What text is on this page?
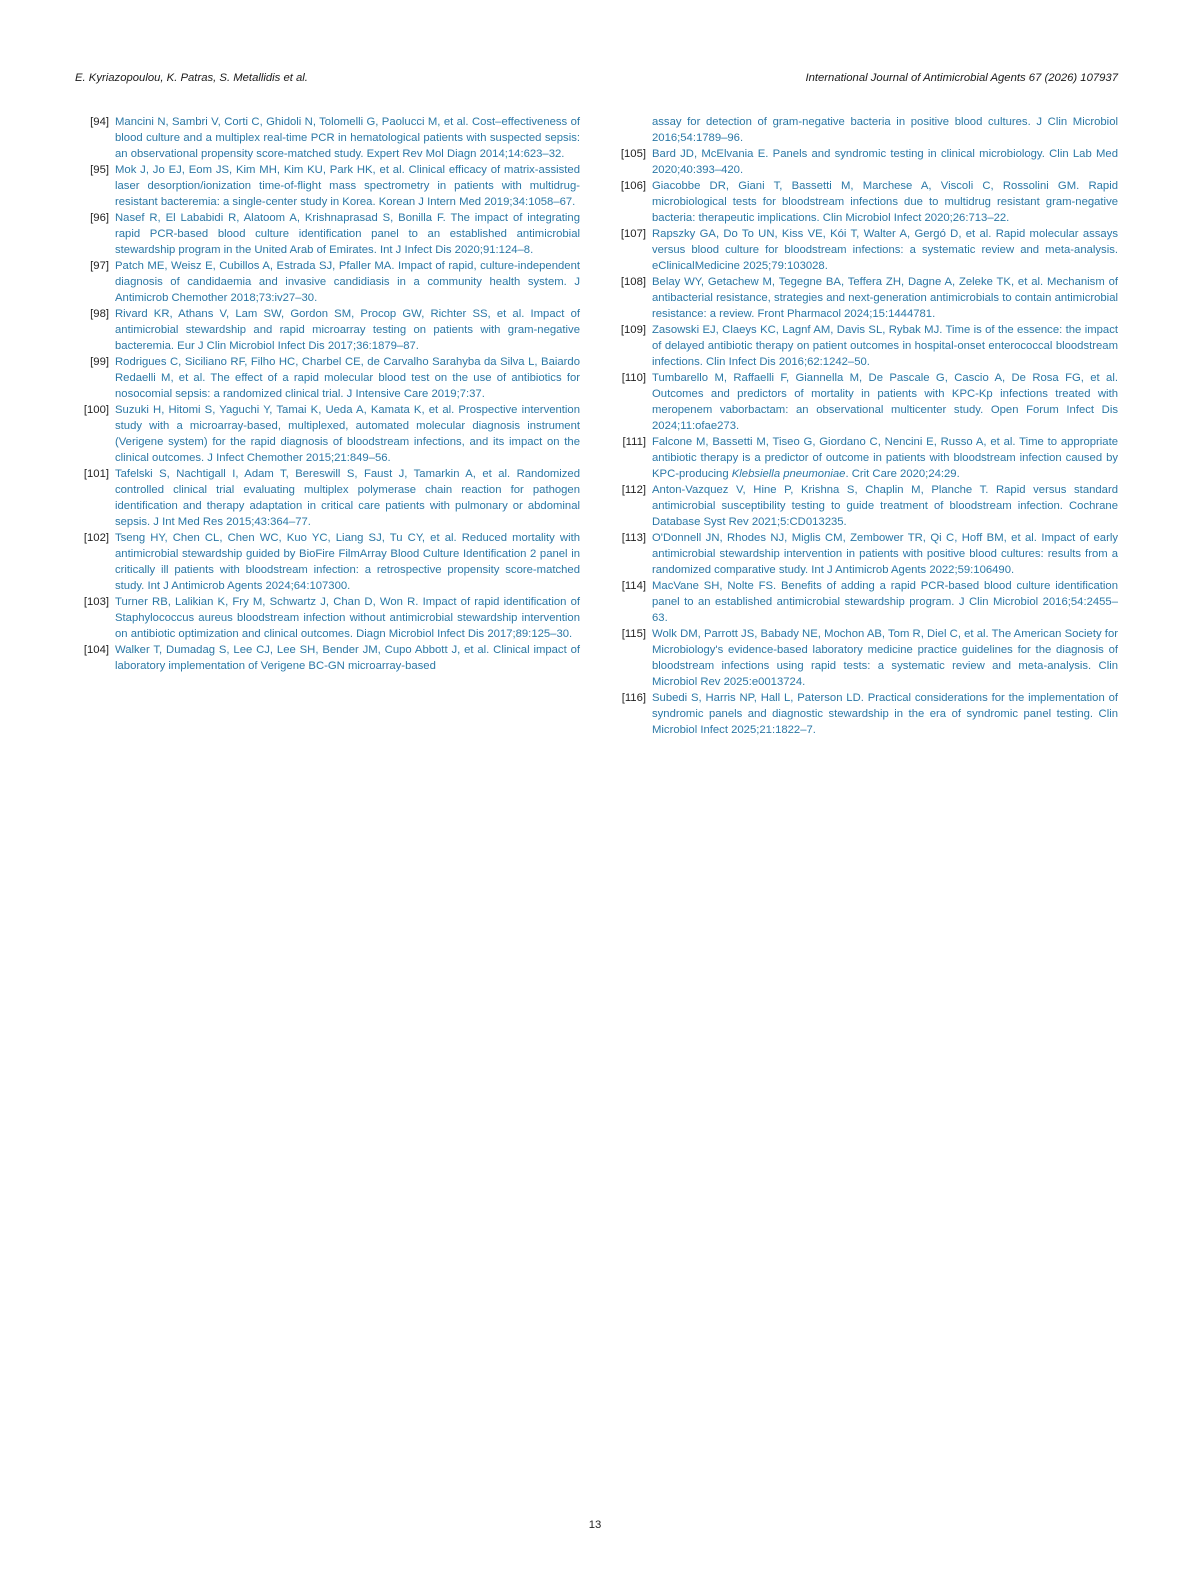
E. Kyriazopoulou, K. Patras, S. Metallidis et al.	International Journal of Antimicrobial Agents 67 (2026) 107937
[94] Mancini N, Sambri V, Corti C, Ghidoli N, Tolomelli G, Paolucci M, et al. Cost–effectiveness of blood culture and a multiplex real-time PCR in hematological patients with suspected sepsis: an observational propensity score-matched study. Expert Rev Mol Diagn 2014;14:623–32.
[95] Mok J, Jo EJ, Eom JS, Kim MH, Kim KU, Park HK, et al. Clinical efficacy of matrix-assisted laser desorption/ionization time-of-flight mass spectrometry in patients with multidrug-resistant bacteremia: a single-center study in Korea. Korean J Intern Med 2019;34:1058–67.
[96] Nasef R, El Lababidi R, Alatoom A, Krishnaprasad S, Bonilla F. The impact of integrating rapid PCR-based blood culture identification panel to an established antimicrobial stewardship program in the United Arab of Emirates. Int J Infect Dis 2020;91:124–8.
[97] Patch ME, Weisz E, Cubillos A, Estrada SJ, Pfaller MA. Impact of rapid, culture-independent diagnosis of candidaemia and invasive candidiasis in a community health system. J Antimicrob Chemother 2018;73:iv27–30.
[98] Rivard KR, Athans V, Lam SW, Gordon SM, Procop GW, Richter SS, et al. Impact of antimicrobial stewardship and rapid microarray testing on patients with gram-negative bacteremia. Eur J Clin Microbiol Infect Dis 2017;36:1879–87.
[99] Rodrigues C, Siciliano RF, Filho HC, Charbel CE, de Carvalho Sarahyba da Silva L, Baiardo Redaelli M, et al. The effect of a rapid molecular blood test on the use of antibiotics for nosocomial sepsis: a randomized clinical trial. J Intensive Care 2019;7:37.
[100] Suzuki H, Hitomi S, Yaguchi Y, Tamai K, Ueda A, Kamata K, et al. Prospective intervention study with a microarray-based, multiplexed, automated molecular diagnosis instrument (Verigene system) for the rapid diagnosis of bloodstream infections, and its impact on the clinical outcomes. J Infect Chemother 2015;21:849–56.
[101] Tafelski S, Nachtigall I, Adam T, Bereswill S, Faust J, Tamarkin A, et al. Randomized controlled clinical trial evaluating multiplex polymerase chain reaction for pathogen identification and therapy adaptation in critical care patients with pulmonary or abdominal sepsis. J Int Med Res 2015;43:364–77.
[102] Tseng HY, Chen CL, Chen WC, Kuo YC, Liang SJ, Tu CY, et al. Reduced mortality with antimicrobial stewardship guided by BioFire FilmArray Blood Culture Identification 2 panel in critically ill patients with bloodstream infection: a retrospective propensity score-matched study. Int J Antimicrob Agents 2024;64:107300.
[103] Turner RB, Lalikian K, Fry M, Schwartz J, Chan D, Won R. Impact of rapid identification of Staphylococcus aureus bloodstream infection without antimicrobial stewardship intervention on antibiotic optimization and clinical outcomes. Diagn Microbiol Infect Dis 2017;89:125–30.
[104] Walker T, Dumadag S, Lee CJ, Lee SH, Bender JM, Cupo Abbott J, et al. Clinical impact of laboratory implementation of Verigene BC-GN microarray-based
assay for detection of gram-negative bacteria in positive blood cultures. J Clin Microbiol 2016;54:1789–96.
[105] Bard JD, McElvania E. Panels and syndromic testing in clinical microbiology. Clin Lab Med 2020;40:393–420.
[106] Giacobbe DR, Giani T, Bassetti M, Marchese A, Viscoli C, Rossolini GM. Rapid microbiological tests for bloodstream infections due to multidrug resistant gram-negative bacteria: therapeutic implications. Clin Microbiol Infect 2020;26:713–22.
[107] Rapszky GA, Do To UN, Kiss VE, Kói T, Walter A, Gergó D, et al. Rapid molecular assays versus blood culture for bloodstream infections: a systematic review and meta-analysis. eClinicalMedicine 2025;79:103028.
[108] Belay WY, Getachew M, Tegegne BA, Teffera ZH, Dagne A, Zeleke TK, et al. Mechanism of antibacterial resistance, strategies and next-generation antimicrobials to contain antimicrobial resistance: a review. Front Pharmacol 2024;15:1444781.
[109] Zasowski EJ, Claeys KC, Lagnf AM, Davis SL, Rybak MJ. Time is of the essence: the impact of delayed antibiotic therapy on patient outcomes in hospital-onset enterococcal bloodstream infections. Clin Infect Dis 2016;62:1242–50.
[110] Tumbarello M, Raffaelli F, Giannella M, De Pascale G, Cascio A, De Rosa FG, et al. Outcomes and predictors of mortality in patients with KPC-Kp infections treated with meropenem vaborbactam: an observational multicenter study. Open Forum Infect Dis 2024;11:ofae273.
[111] Falcone M, Bassetti M, Tiseo G, Giordano C, Nencini E, Russo A, et al. Time to appropriate antibiotic therapy is a predictor of outcome in patients with bloodstream infection caused by KPC-producing Klebsiella pneumoniae. Crit Care 2020;24:29.
[112] Anton-Vazquez V, Hine P, Krishna S, Chaplin M, Planche T. Rapid versus standard antimicrobial susceptibility testing to guide treatment of bloodstream infection. Cochrane Database Syst Rev 2021;5:CD013235.
[113] O'Donnell JN, Rhodes NJ, Miglis CM, Zembower TR, Qi C, Hoff BM, et al. Impact of early antimicrobial stewardship intervention in patients with positive blood cultures: results from a randomized comparative study. Int J Antimicrob Agents 2022;59:106490.
[114] MacVane SH, Nolte FS. Benefits of adding a rapid PCR-based blood culture identification panel to an established antimicrobial stewardship program. J Clin Microbiol 2016;54:2455–63.
[115] Wolk DM, Parrott JS, Babady NE, Mochon AB, Tom R, Diel C, et al. The American Society for Microbiology's evidence-based laboratory medicine practice guidelines for the diagnosis of bloodstream infections using rapid tests: a systematic review and meta-analysis. Clin Microbiol Rev 2025:e0013724.
[116] Subedi S, Harris NP, Hall L, Paterson LD. Practical considerations for the implementation of syndromic panels and diagnostic stewardship in the era of syndromic panel testing. Clin Microbiol Infect 2025;21:1822–7.
13
